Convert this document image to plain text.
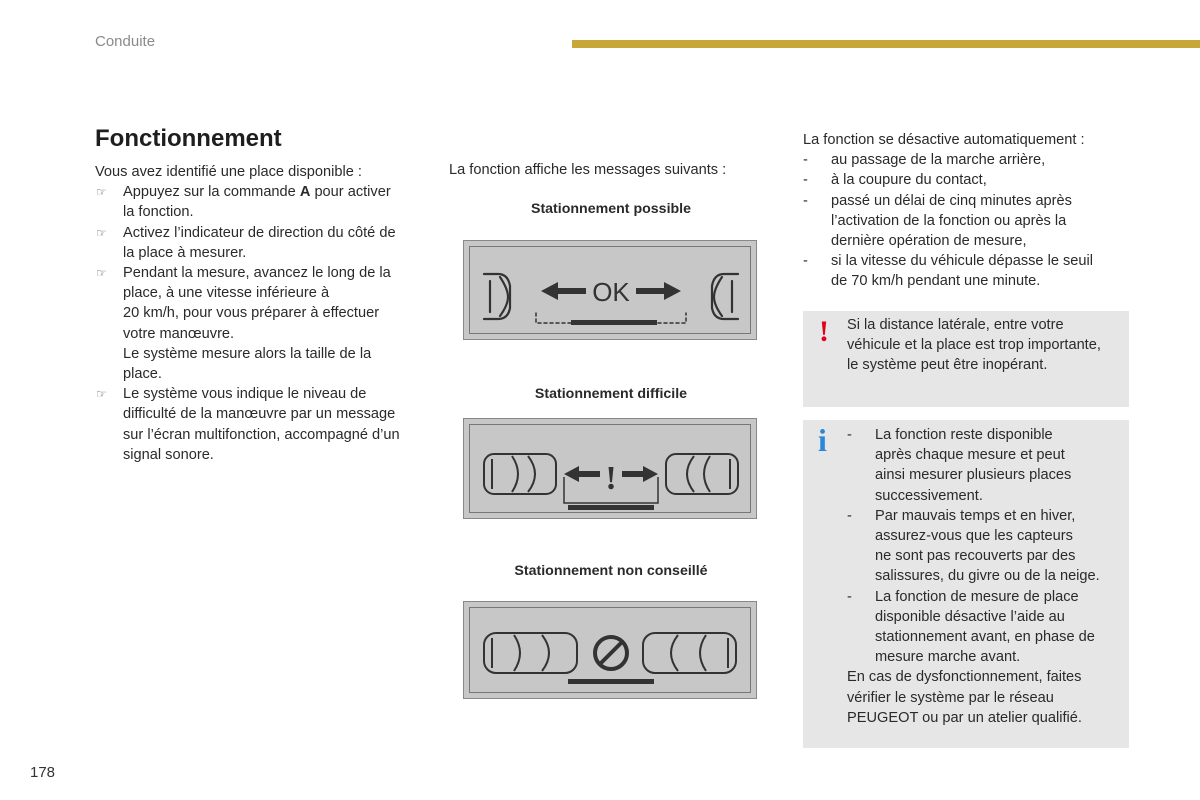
Conduite
Fonctionnement
Vous avez identifié une place disponible :
☞ Appuyez sur la commande A pour activer
la fonction.
☞ Activez l’indicateur de direction du côté de
la place à mesurer.
☞ Pendant la mesure, avancez le long de la
place, à une vitesse inférieure à
20 km/h, pour vous préparer à effectuer
votre manœuvre.
Le système mesure alors la taille de la
place.
☞ Le système vous indique le niveau de
difficulté de la manœuvre par un message
sur l’écran multifonction, accompagné d’un
signal sonore.
La fonction affiche les messages suivants :
Stationnement possible
OK
Stationnement difficile
!
Stationnement non conseillé
La fonction se désactive automatiquement :
- au passage de la marche arrière,
- à la coupure du contact,
- passé un délai de cinq minutes après
l’activation de la fonction ou après la
dernière opération de mesure,
- si la vitesse du véhicule dépasse le seuil
de 70 km/h pendant une minute.
! Si la distance latérale, entre votre
véhicule et la place est trop importante,
le système peut être inopérant.
i - La fonction reste disponible
après chaque mesure et peut
ainsi mesurer plusieurs places
successivement.
- Par mauvais temps et en hiver,
assurez-vous que les capteurs
ne sont pas recouverts par des
salissures, du givre ou de la neige.
- La fonction de mesure de place
disponible désactive l’aide au
stationnement avant, en phase de
mesure marche avant.
En cas de dysfonctionnement, faites
vérifier le système par le réseau
PEUGEOT ou par un atelier qualifié.
178
